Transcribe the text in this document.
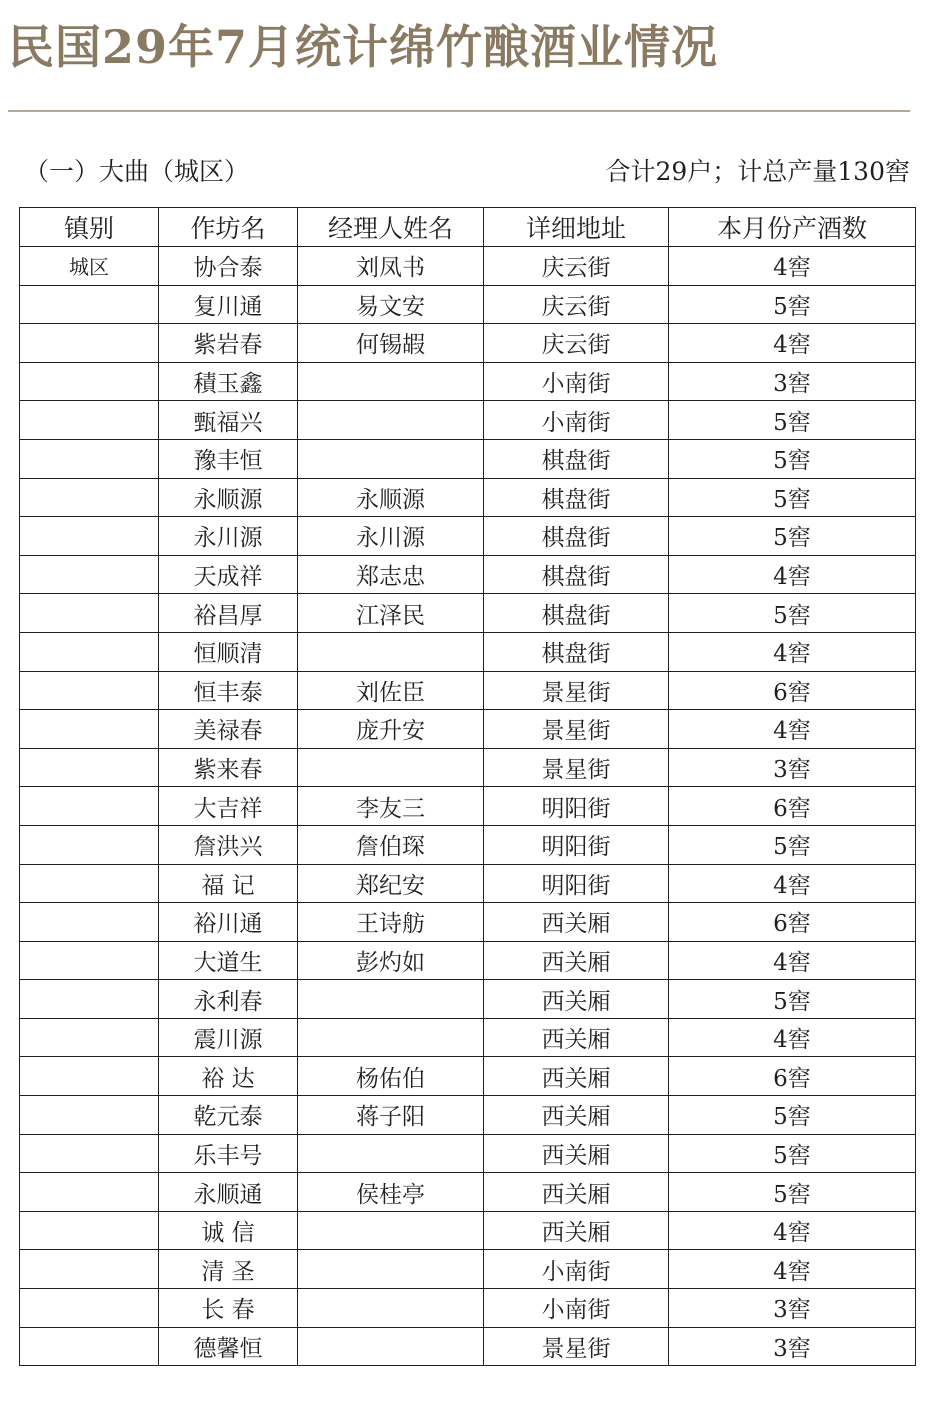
民国29年7月统计绵竹酿酒业情况
（一）大曲（城区）	合计29户；计总产量130窖
镇别	作坊名	经理人姓名	详细地址	本月份产酒数
城区	协合泰	刘凤书	庆云街	4窖
	复川通	易文安	庆云街	5窖
	紫岩春	何锡嘏	庆云街	4窖
	積玉鑫		小南街	3窖
	甄福兴		小南街	5窖
	豫丰恒		棋盘街	5窖
	永顺源	永顺源	棋盘街	5窖
	永川源	永川源	棋盘街	5窖
	天成祥	郑志忠	棋盘街	4窖
	裕昌厚	江泽民	棋盘街	5窖
	恒顺清		棋盘街	4窖
	恒丰泰	刘佐臣	景星街	6窖
	美禄春	庞升安	景星街	4窖
	紫来春		景星街	3窖
	大吉祥	李友三	明阳街	6窖
	詹洪兴	詹伯琛	明阳街	5窖
	福 记	郑纪安	明阳街	4窖
	裕川通	王诗舫	西关厢	6窖
	大道生	彭灼如	西关厢	4窖
	永利春		西关厢	5窖
	震川源		西关厢	4窖
	裕 达	杨佑伯	西关厢	6窖
	乾元泰	蒋子阳	西关厢	5窖
	乐丰号		西关厢	5窖
	永顺通	侯桂亭	西关厢	5窖
	诚 信		西关厢	4窖
	清 圣		小南街	4窖
	长 春		小南街	3窖
	德馨恒		景星街	3窖
